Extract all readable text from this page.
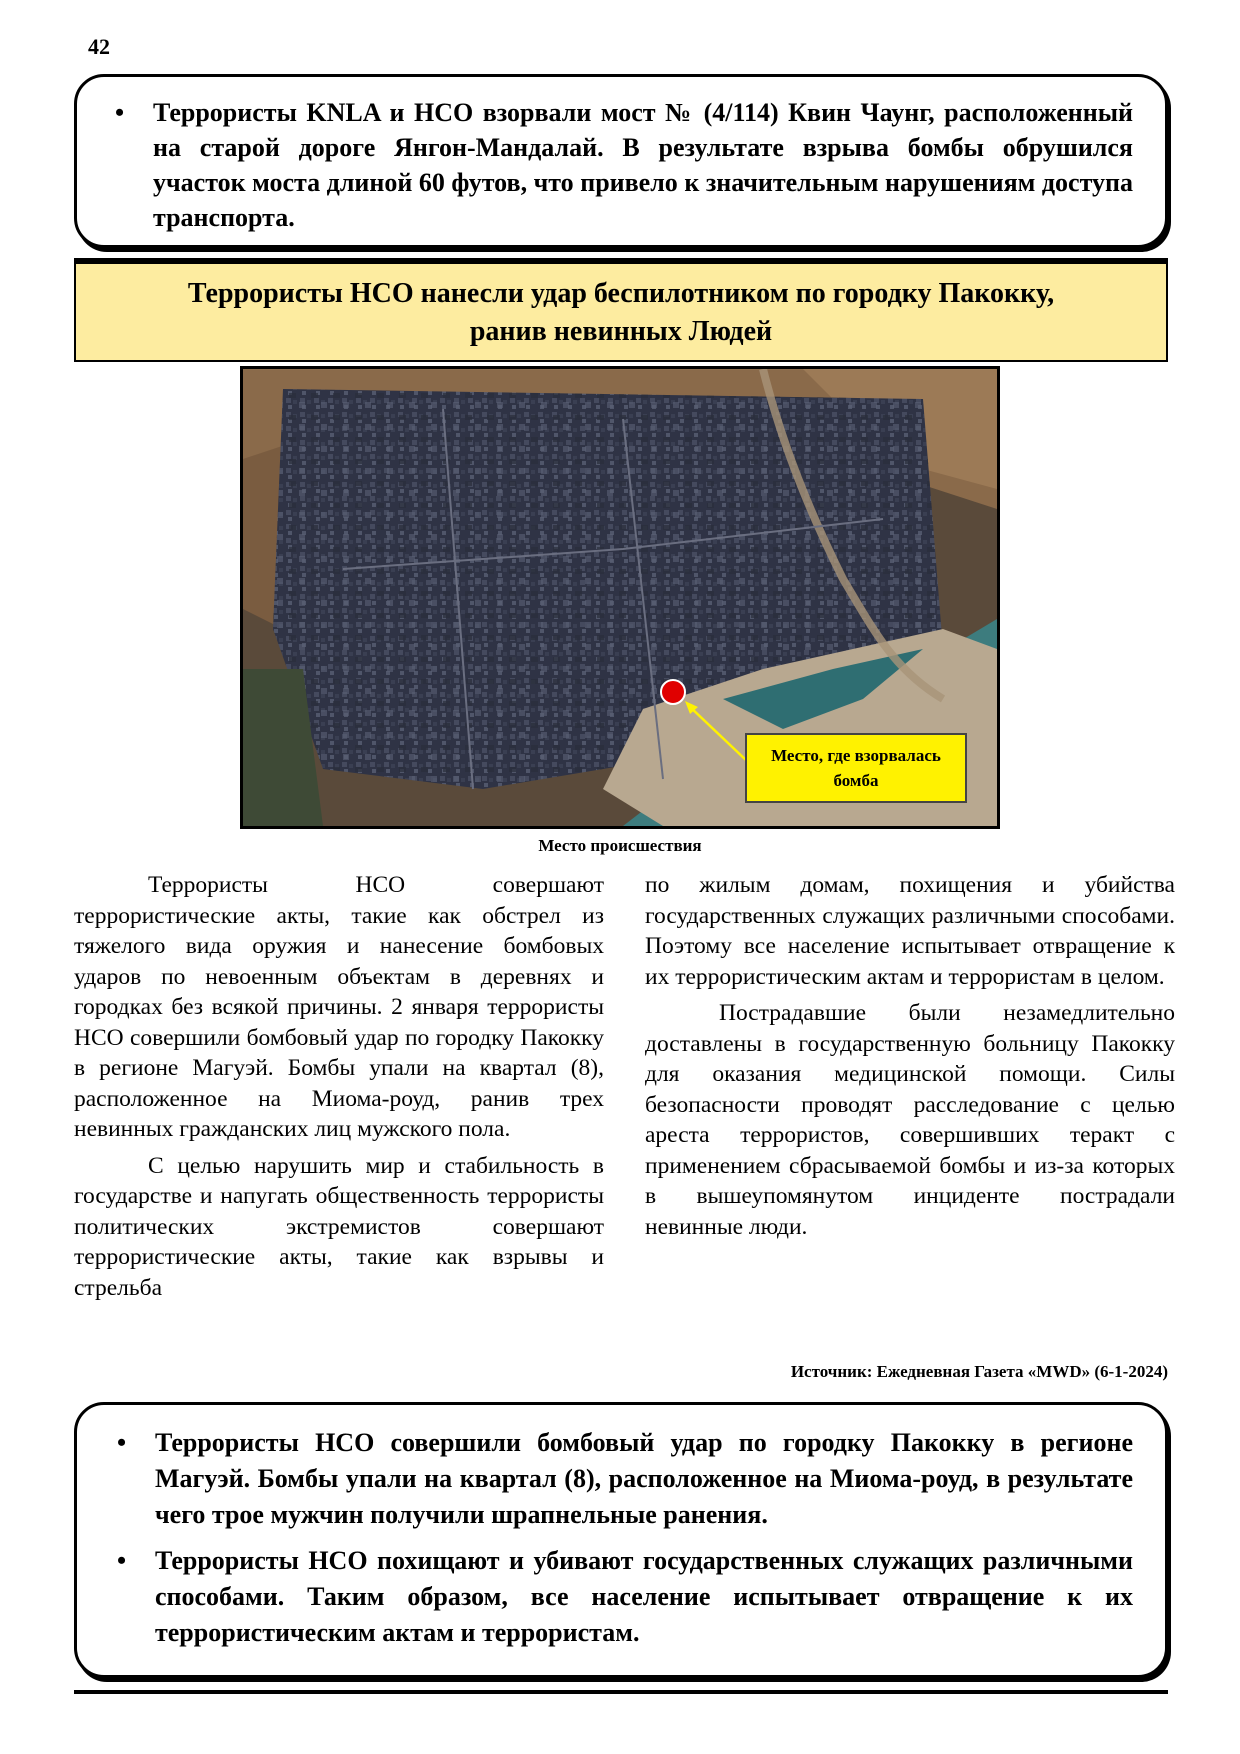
42
• Террористы KNLA и НСО взорвали мост № (4/114) Квин Чаунг, расположенный на старой дороге Янгон-Мандалай. В результате взрыва бомбы обрушился участок моста длиной 60 футов, что привело к значительным нарушениям доступа транспорта.
Террористы НСО нанесли удар беспилотником по городку Пакокку,
ранив невинных Людей
Место, где взорвалась бомба
Место происшествия

Террористы НСО совершают террористические акты, такие как обстрел из тяжелого вида оружия и нанесение бомбовых ударов по невоенным объектам в деревнях и городках без всякой причины. 2 января террористы НСО совершили бомбовый удар по городку Пакокку в регионе Магуэй. Бомбы упали на квартал (8), расположенное на Миома-роуд, ранив трех невинных гражданских лиц мужского пола.

С целью нарушить мир и стабильность в государстве и напугать общественность террористы политических экстремистов совершают террористические акты, такие как взрывы и стрельба

по жилым домам, похищения и убийства государственных служащих различными способами. Поэтому все население испытывает отвращение к их террористическим актам и террористам в целом.

Пострадавшие были незамедлительно доставлены в государственную больницу Пакокку для оказания медицинской помощи. Силы безопасности проводят расследование с целью ареста террористов, совершивших теракт с применением сбрасываемой бомбы и из-за которых в вышеупомянутом инциденте пострадали невинные люди.

Источник: Ежедневная Газета «MWD» (6-1-2024)
• Террористы НСО совершили бомбовый удар по городку Пакокку в регионе Магуэй. Бомбы упали на квартал (8), расположенное на Миома-роуд, в результате чего трое мужчин получили шрапнельные ранения.
• Террористы НСО похищают и убивают государственных служащих различными способами. Таким образом, все население испытывает отвращение к их террористическим актам и террористам.
